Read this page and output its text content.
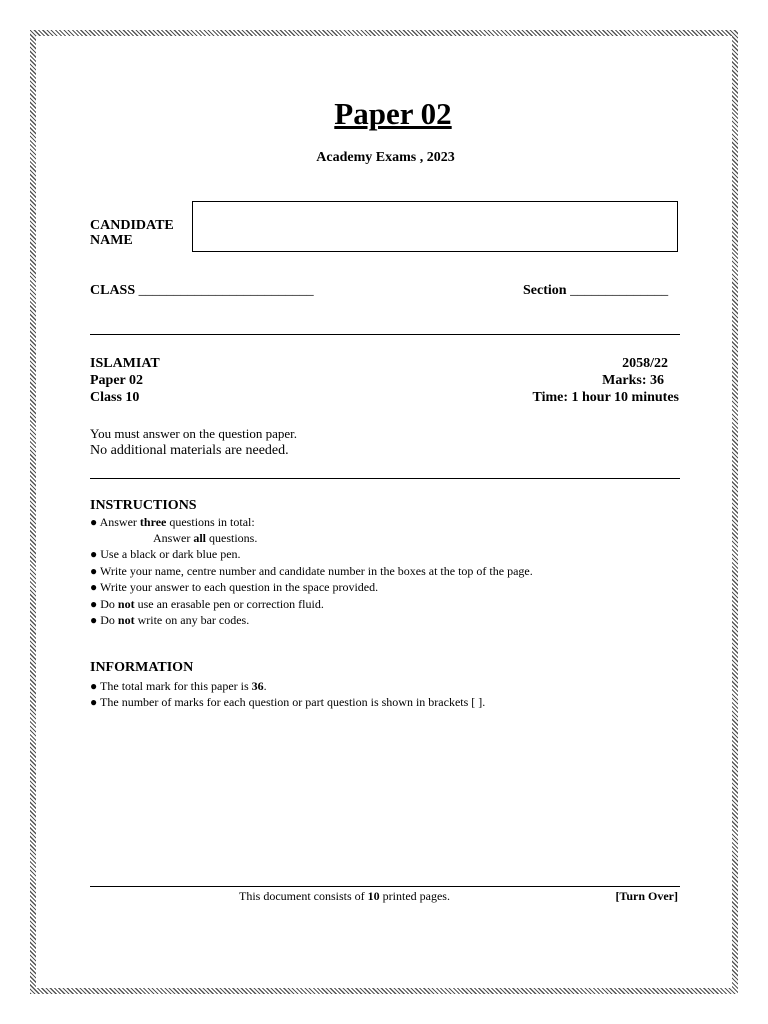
Paper 02
Academy Exams , 2023
CANDIDATE
NAME
CLASS _________________________	Section ______________
ISLAMIAT
Paper 02
Class 10
2058/22
Marks: 36
Time: 1 hour 10 minutes
You must answer on the question paper.
No additional materials are needed.
INSTRUCTIONS
● Answer three questions in total:
Answer all questions.
● Use a black or dark blue pen.
● Write your name, centre number and candidate number in the boxes at the top of the page.
● Write your answer to each question in the space provided.
● Do not use an erasable pen or correction fluid.
● Do not write on any bar codes.
INFORMATION
● The total mark for this paper is 36.
● The number of marks for each question or part question is shown in brackets [ ].
This document consists of 10 printed pages.	[Turn Over]
